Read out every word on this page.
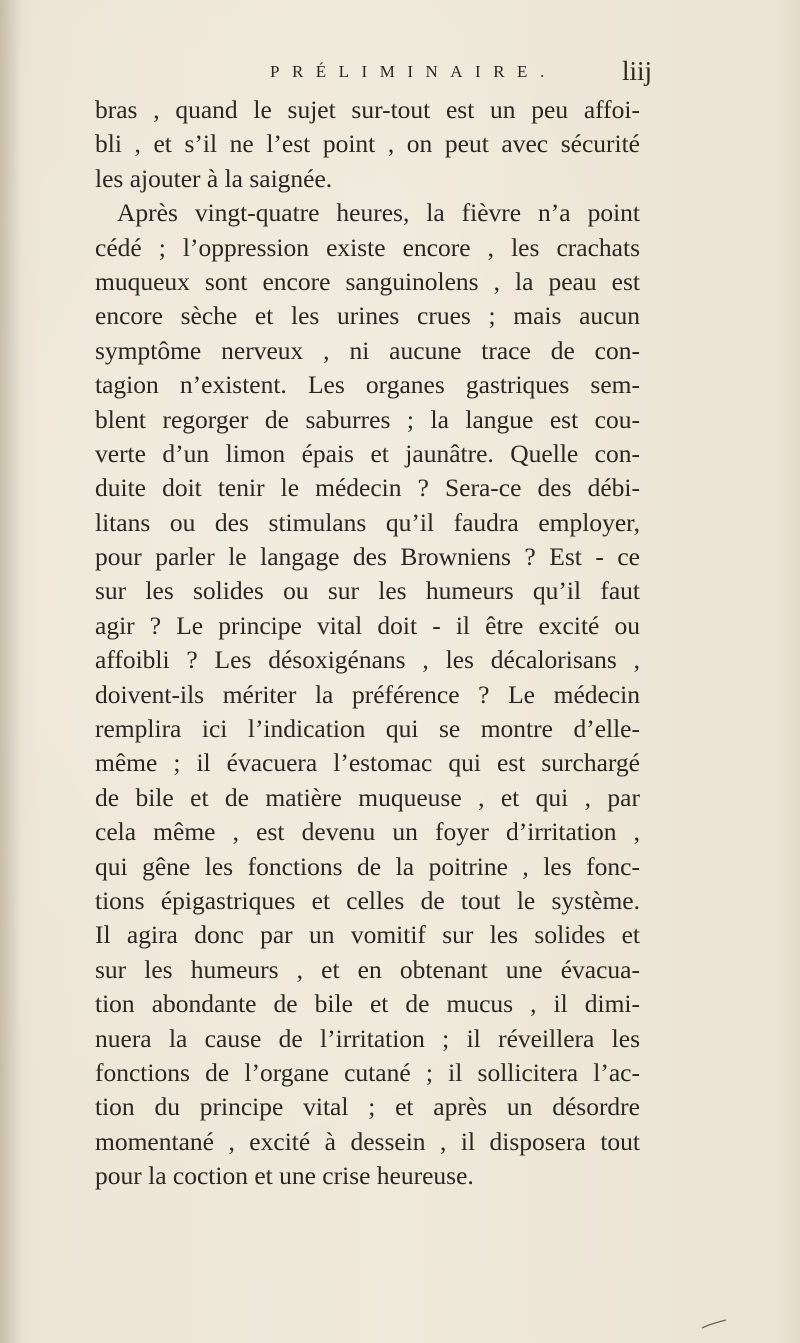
PRÉLIMINAIRE. liij
bras , quand le sujet sur-tout est un peu affoi-
bli , et s’il ne l’est point , on peut avec sécurité
les ajouter à la saignée.
Après vingt-quatre heures, la fièvre n’a point
cédé ; l’oppression existe encore , les crachats
muqueux sont encore sanguinolens , la peau est
encore sèche et les urines crues ; mais aucun
symptôme nerveux , ni aucune trace de con-
tagion n’existent. Les organes gastriques sem-
blent regorger de saburres ; la langue est cou-
verte d’un limon épais et jaunâtre. Quelle con-
duite doit tenir le médecin ? Sera-ce des débi-
litans ou des stimulans qu’il faudra employer,
pour parler le langage des Browniens ? Est - ce
sur les solides ou sur les humeurs qu’il faut
agir ? Le principe vital doit - il être excité ou
affoibli ? Les désoxigénans , les décalorisans ,
doivent-ils mériter la préférence ? Le médecin
remplira ici l’indication qui se montre d’elle-
même ; il évacuera l’estomac qui est surchargé
de bile et de matière muqueuse , et qui , par
cela même , est devenu un foyer d’irritation ,
qui gêne les fonctions de la poitrine , les fonc-
tions épigastriques et celles de tout le système.
Il agira donc par un vomitif sur les solides et
sur les humeurs , et en obtenant une évacua-
tion abondante de bile et de mucus , il dimi-
nuera la cause de l’irritation ; il réveillera les
fonctions de l’organe cutané ; il sollicitera l’ac-
tion du principe vital ; et après un désordre
momentané , excité à dessein , il disposera tout
pour la coction et une crise heureuse.
